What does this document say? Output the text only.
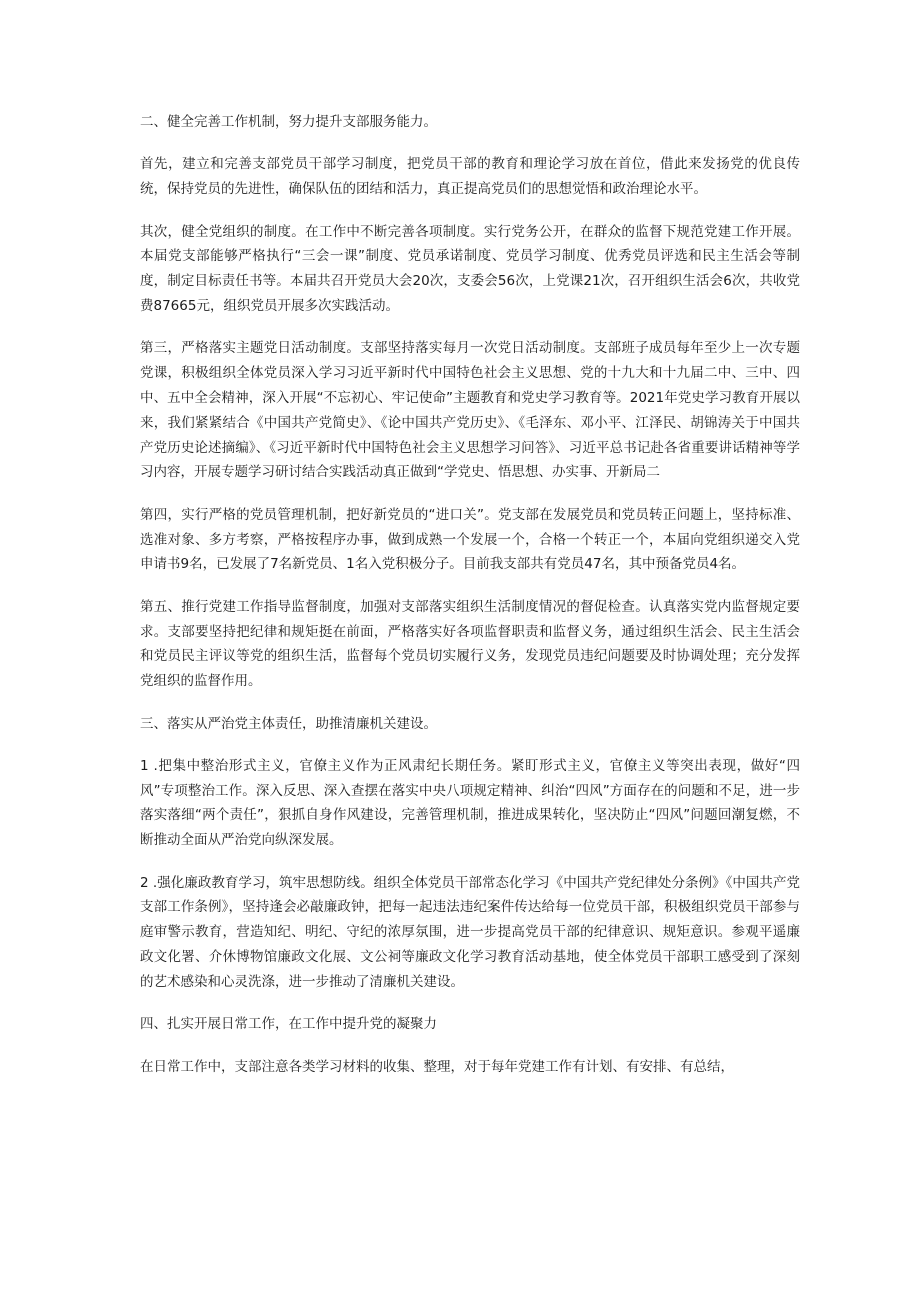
二、健全完善工作机制，努力提升支部服务能力。

首先，建立和完善支部党员干部学习制度，把党员干部的教育和理论学习放在首位，借此来发扬党的优良传统，保持党员的先进性，确保队伍的团结和活力，真正提高党员们的思想觉悟和政治理论水平。

其次，健全党组织的制度。在工作中不断完善各项制度。实行党务公开，在群众的监督下规范党建工作开展。本届党支部能够严格执行“三会一课”制度、党员承诺制度、党员学习制度、优秀党员评选和民主生活会等制度，制定目标责任书等。本届共召开党员大会20次，支委会56次，上党课21次，召开组织生活会6次，共收党费87665元，组织党员开展多次实践活动。

第三，严格落实主题党日活动制度。支部坚持落实每月一次党日活动制度。支部班子成员每年至少上一次专题党课，积极组织全体党员深入学习习近平新时代中国特色社会主义思想、党的十九大和十九届二中、三中、四中、五中全会精神，深入开展“不忘初心、牢记使命”主题教育和党史学习教育等。2021年党史学习教育开展以来，我们紧紧结合《中国共产党简史》、《论中国共产党历史》、《毛泽东、邓小平、江泽民、胡锦涛关于中国共产党历史论述摘编》、《习近平新时代中国特色社会主义思想学习问答》、习近平总书记赴各省重要讲话精神等学习内容，开展专题学习研讨结合实践活动真正做到“学党史、悟思想、办实事、开新局二

第四，实行严格的党员管理机制，把好新党员的“进口关”。党支部在发展党员和党员转正问题上，坚持标准、选准对象、多方考察，严格按程序办事，做到成熟一个发展一个，合格一个转正一个，本届向党组织递交入党申请书9名，已发展了7名新党员、1名入党积极分子。目前我支部共有党员47名，其中预备党员4名。

第五、推行党建工作指导监督制度，加强对支部落实组织生活制度情况的督促检查。认真落实党内监督规定要求。支部要坚持把纪律和规矩挺在前面，严格落实好各项监督职责和监督义务，通过组织生活会、民主生活会和党员民主评议等党的组织生活，监督每个党员切实履行义务，发现党员违纪问题要及时协调处理；充分发挥党组织的监督作用。

三、落实从严治党主体责任，助推清廉机关建设。

1 .把集中整治形式主义，官僚主义作为正风肃纪长期任务。紧盯形式主义，官僚主义等突出表现，做好“四风”专项整治工作。深入反思、深入查摆在落实中央八项规定精神、纠治“四风”方面存在的问题和不足，进一步落实落细“两个责任”，狠抓自身作风建设，完善管理机制，推进成果转化，坚决防止“四风”问题回潮复燃，不断推动全面从严治党向纵深发展。

2 .强化廉政教育学习，筑牢思想防线。组织全体党员干部常态化学习《中国共产党纪律处分条例》《中国共产党支部工作条例》，坚持逢会必敲廉政钟，把每一起违法违纪案件传达给每一位党员干部，积极组织党员干部参与庭审警示教育，营造知纪、明纪、守纪的浓厚氛围，进一步提高党员干部的纪律意识、规矩意识。参观平遥廉政文化署、介休博物馆廉政文化展、文公祠等廉政文化学习教育活动基地，使全体党员干部职工感受到了深刻的艺术感染和心灵洗涤，进一步推动了清廉机关建设。

四、扎实开展日常工作，在工作中提升党的凝聚力

在日常工作中，支部注意各类学习材料的收集、整理，对于每年党建工作有计划、有安排、有总结，
